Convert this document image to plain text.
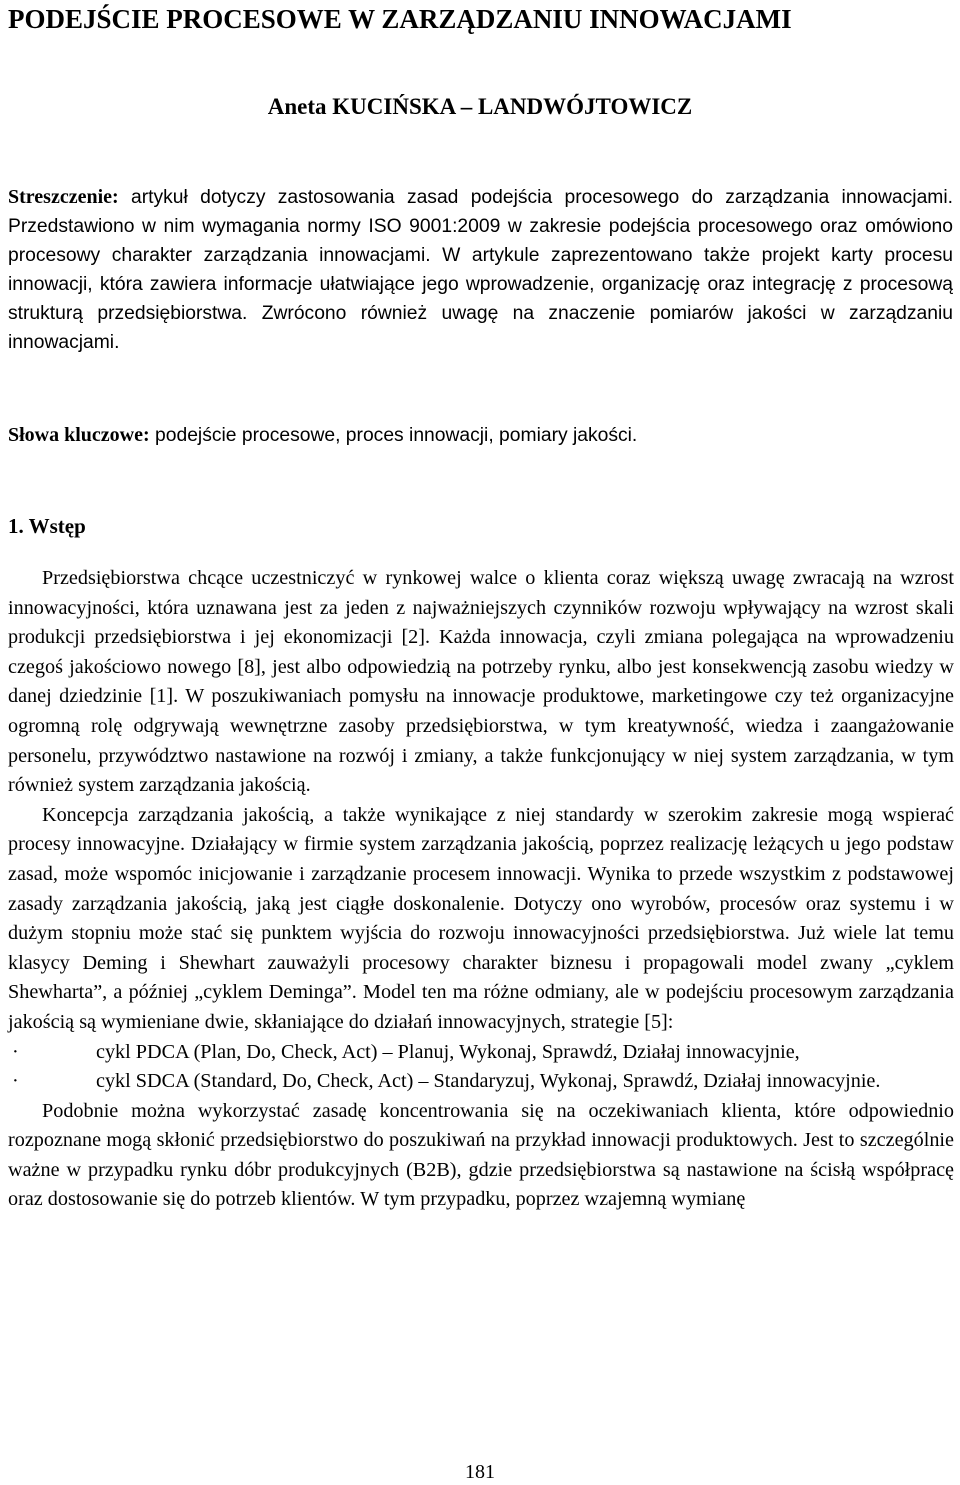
PODEJŚCIE PROCESOWE W ZARZĄDZANIU INNOWACJAMI

Aneta KUCIŃSKA – LANDWÓJTOWICZ

Streszczenie: artykuł dotyczy zastosowania zasad podejścia procesowego do zarządzania innowacjami. Przedstawiono w nim wymagania normy ISO 9001:2009 w zakresie podejścia procesowego oraz omówiono procesowy charakter zarządzania innowacjami. W artykule zaprezentowano także projekt karty procesu innowacji, która zawiera informacje ułatwiające jego wprowadzenie, organizację oraz integrację z procesową strukturą przedsiębiorstwa. Zwrócono również uwagę na znaczenie pomiarów jakości w zarządzaniu innowacjami.

Słowa kluczowe: podejście procesowe, proces innowacji, pomiary jakości.

1. Wstęp

Przedsiębiorstwa chcące uczestniczyć w rynkowej walce o klienta coraz większą uwagę zwracają na wzrost innowacyjności, która uznawana jest za jeden z najważniejszych czynników rozwoju wpływający na wzrost skali produkcji przedsiębiorstwa i jej ekonomizacji [2]. Każda innowacja, czyli zmiana polegająca na wprowadzeniu czegoś jakościowo nowego [8], jest albo odpowiedzią na potrzeby rynku, albo jest konsekwencją zasobu wiedzy w danej dziedzinie [1]. W poszukiwaniach pomysłu na innowacje produktowe, marketingowe czy też organizacyjne ogromną rolę odgrywają wewnętrzne zasoby przedsiębiorstwa, w tym kreatywność, wiedza i zaangażowanie personelu, przywództwo nastawione na rozwój i zmiany, a także funkcjonujący w niej system zarządzania, w tym również system zarządzania jakością.

Koncepcja zarządzania jakością, a także wynikające z niej standardy w szerokim zakresie mogą wspierać procesy innowacyjne. Działający w firmie system zarządzania jakością, poprzez realizację leżących u jego podstaw zasad, może wspomóc inicjowanie i zarządzanie procesem innowacji. Wynika to przede wszystkim z podstawowej zasady zarządzania jakością, jaką jest ciągłe doskonalenie. Dotyczy ono wyrobów, procesów oraz systemu i w dużym stopniu może stać się punktem wyjścia do rozwoju innowacyjności przedsiębiorstwa. Już wiele lat temu klasycy Deming i Shewhart zauważyli procesowy charakter biznesu i propagowali model zwany „cyklem Shewharta”, a później „cyklem Deminga”. Model ten ma różne odmiany, ale w podejściu procesowym zarządzania jakością są wymieniane dwie, skłaniające do działań innowacyjnych, strategie [5]:

·	cykl PDCA (Plan, Do, Check, Act) – Planuj, Wykonaj, Sprawdź, Działaj innowacyjnie,
·	cykl SDCA (Standard, Do, Check, Act) – Standaryzuj, Wykonaj, Sprawdź, Działaj innowacyjnie.

Podobnie można wykorzystać zasadę koncentrowania się na oczekiwaniach klienta, które odpowiednio rozpoznane mogą skłonić przedsiębiorstwo do poszukiwań na przykład innowacji produktowych. Jest to szczególnie ważne w przypadku rynku dóbr produkcyjnych (B2B), gdzie przedsiębiorstwa są nastawione na ścisłą współpracę oraz dostosowanie się do potrzeb klientów. W tym przypadku, poprzez wzajemną wymianę

181
